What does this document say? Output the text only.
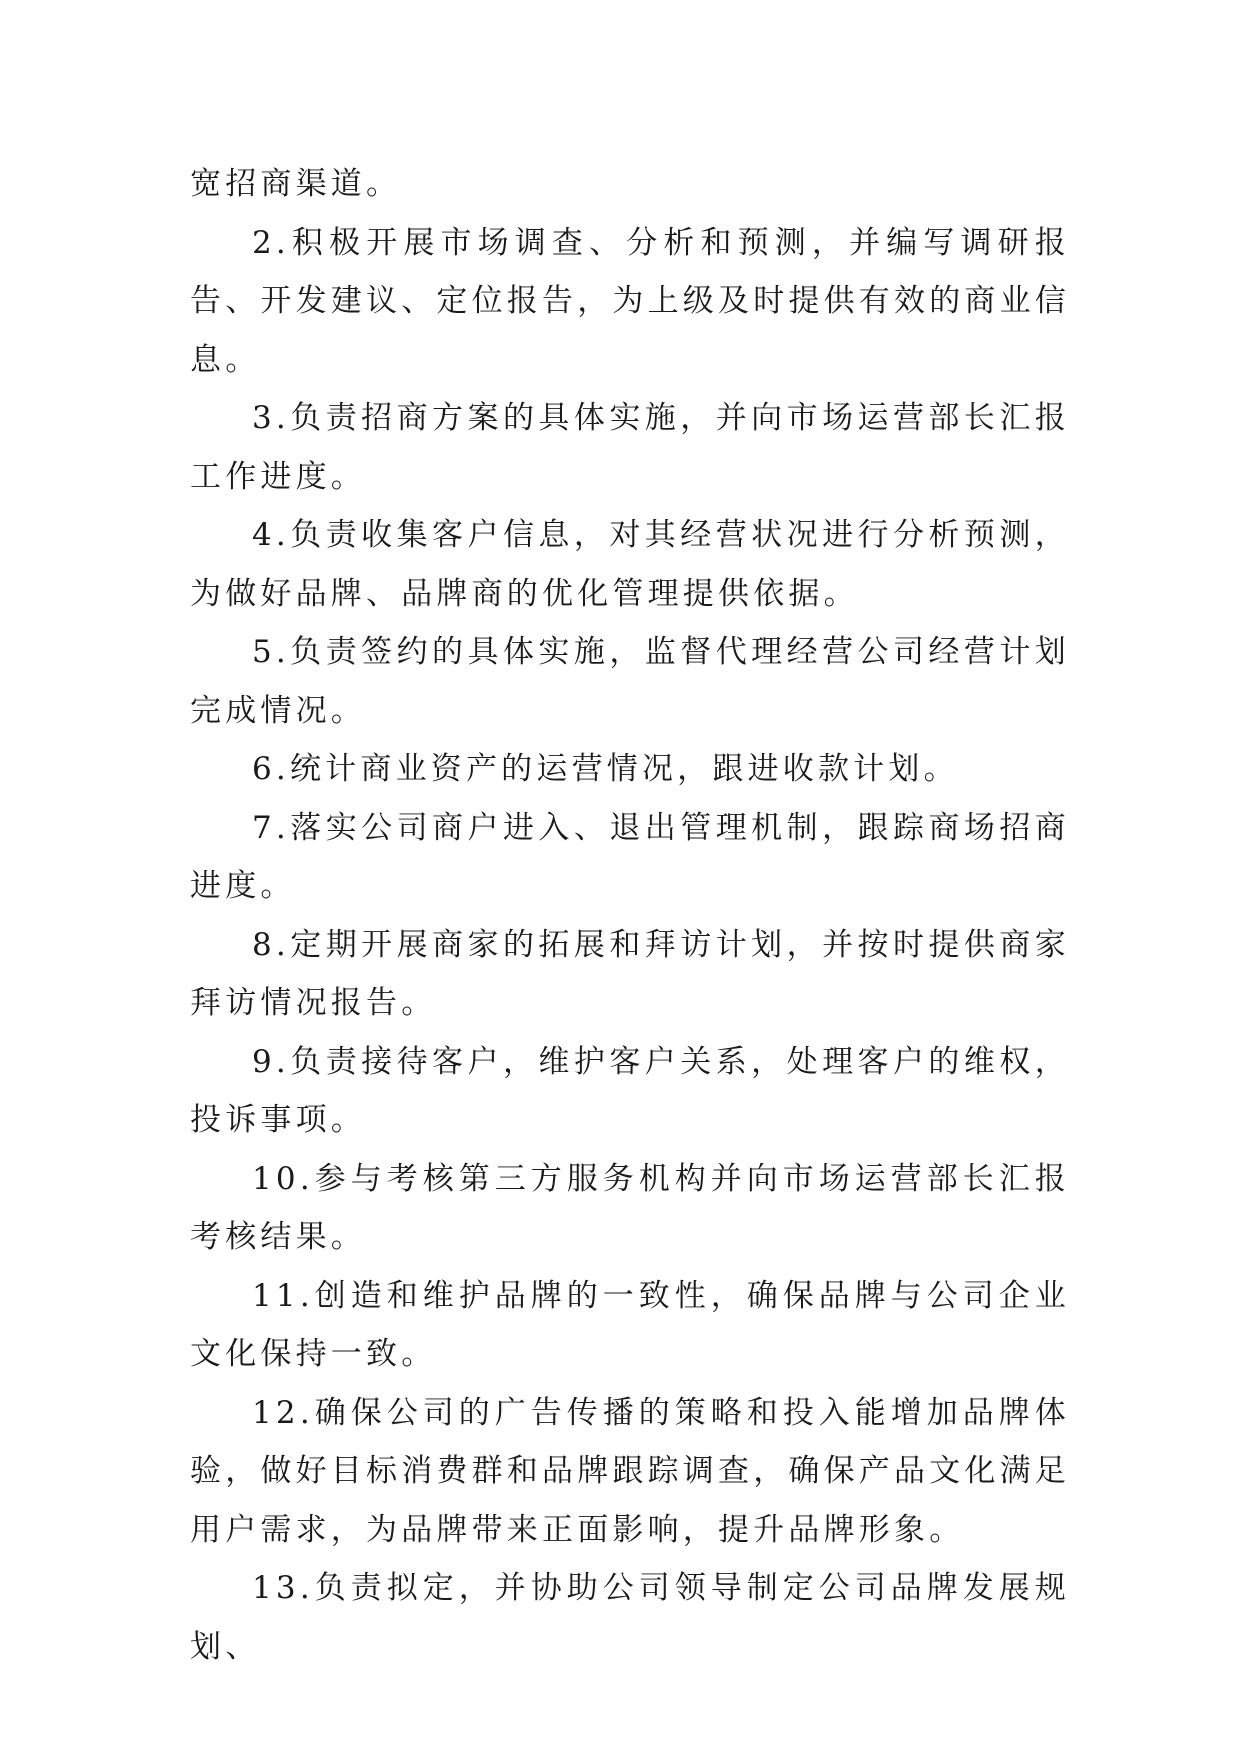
宽招商渠道。

2.积极开展市场调查、分析和预测，并编写调研报告、开发建议、定位报告，为上级及时提供有效的商业信息。

3.负责招商方案的具体实施，并向市场运营部长汇报工作进度。

4.负责收集客户信息，对其经营状况进行分析预测，为做好品牌、品牌商的优化管理提供依据。

5.负责签约的具体实施，监督代理经营公司经营计划完成情况。

6.统计商业资产的运营情况，跟进收款计划。

7.落实公司商户进入、退出管理机制，跟踪商场招商进度。

8.定期开展商家的拓展和拜访计划，并按时提供商家拜访情况报告。

9.负责接待客户，维护客户关系，处理客户的维权，投诉事项。

10.参与考核第三方服务机构并向市场运营部长汇报考核结果。

11.创造和维护品牌的一致性，确保品牌与公司企业文化保持一致。

12.确保公司的广告传播的策略和投入能增加品牌体验，做好目标消费群和品牌跟踪调查，确保产品文化满足用户需求，为品牌带来正面影响，提升品牌形象。

13.负责拟定，并协助公司领导制定公司品牌发展规划、
